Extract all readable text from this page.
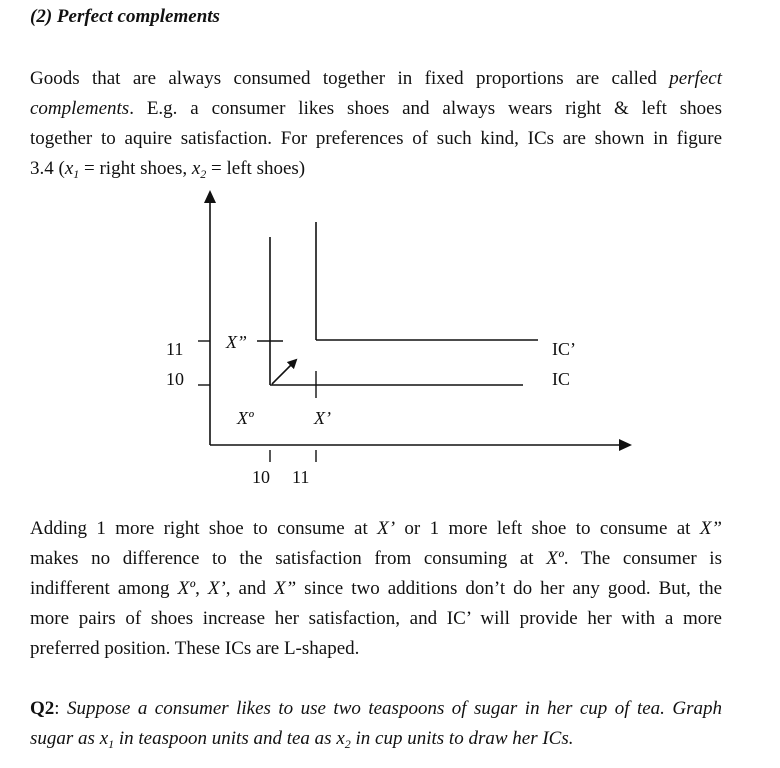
(2) Perfect complements
Goods that are always consumed together in fixed proportions are called perfect
complements. E.g. a consumer likes shoes and always wears right & left shoes
together to aquire satisfaction. For preferences of such kind, ICs are shown in figure
3.4 ($x_1$ = right shoes, $x_2$ = left shoes)
11
10
10 11
X”
Xº	X’
IC’
IC
Adding 1 more right shoe to consume at X’ or 1 more left shoe to consume at X”
makes no difference to the satisfaction from consuming at Xº. The consumer is
indifferent among Xº, X’, and X” since two additions don’t do her any good. But, the
more pairs of shoes increase her satisfaction, and IC’ will provide her with a more
preferred position. These ICs are L-shaped.
Q2: Suppose a consumer likes to use two teaspoons of sugar in her cup of tea. Graph
sugar as $x_1$ in teaspoon units and tea as $x_2$ in cup units to draw her ICs.
